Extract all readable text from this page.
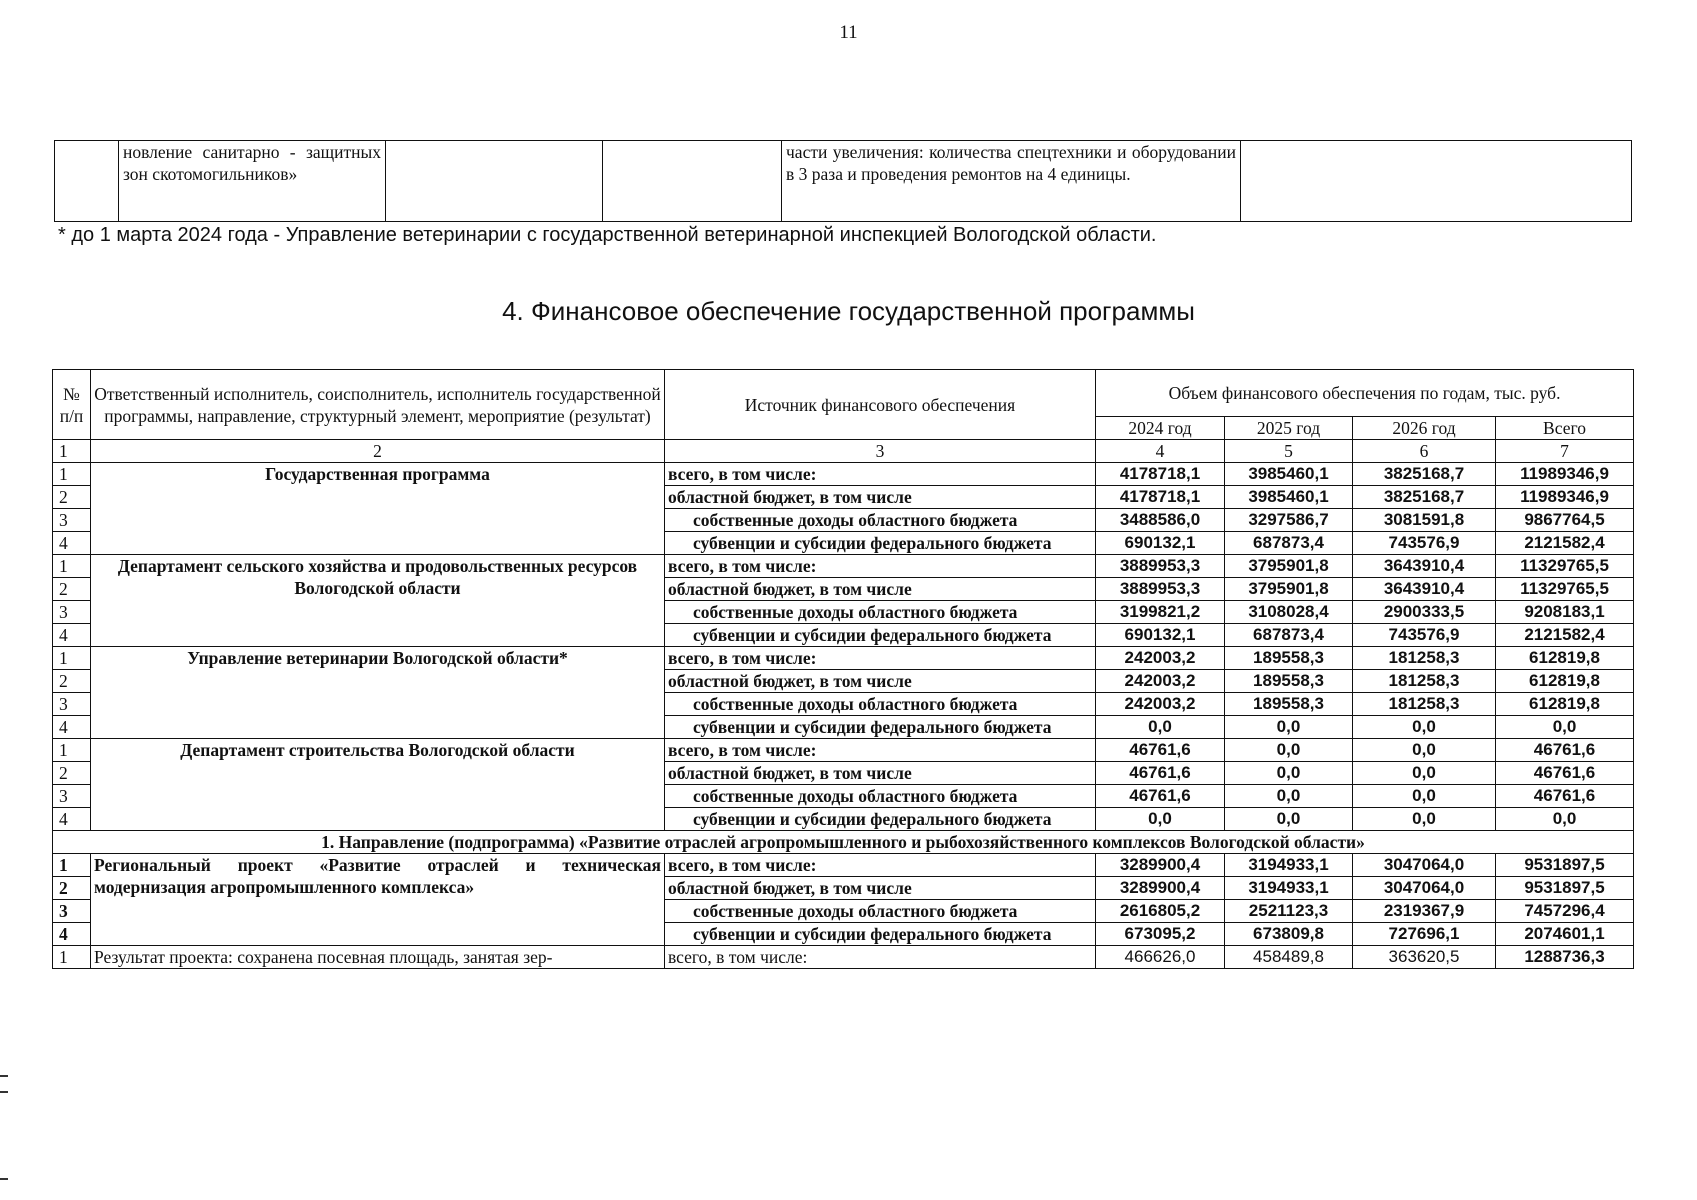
11
	новление санитарно - защитных зон скотомогильников»			части увеличения: количества спецтехники и оборудовании в 3 раза и проведения ремонтов на 4 единицы.	
* до 1 марта 2024 года - Управление ветеринарии с государственной ветеринарной инспекцией Вологодской области.
4. Финансовое обеспечение государственной программы
№ п/п	Ответственный исполнитель, соисполнитель, исполнитель государственной программы, направление, структурный элемент, мероприятие (результат)	Источник финансового обеспечения	Объем финансового обеспечения по годам, тыс. руб.			
			2024 год	2025 год	2026 год	Всего
1	2	3	4	5	6	7
1	Государственная программа	всего, в том числе:	4178718,1	3985460,1	3825168,7	11989346,9
2		областной бюджет, в том числе	4178718,1	3985460,1	3825168,7	11989346,9
3		собственные доходы областного бюджета	3488586,0	3297586,7	3081591,8	9867764,5
4		субвенции и субсидии федерального бюджета	690132,1	687873,4	743576,9	2121582,4
1	Департамент сельского хозяйства и продовольственных ресурсов Вологодской области	всего, в том числе:	3889953,3	3795901,8	3643910,4	11329765,5
2		областной бюджет, в том числе	3889953,3	3795901,8	3643910,4	11329765,5
3		собственные доходы областного бюджета	3199821,2	3108028,4	2900333,5	9208183,1
4		субвенции и субсидии федерального бюджета	690132,1	687873,4	743576,9	2121582,4
1	Управление ветеринарии Вологодской области*	всего, в том числе:	242003,2	189558,3	181258,3	612819,8
2		областной бюджет, в том числе	242003,2	189558,3	181258,3	612819,8
3		собственные доходы областного бюджета	242003,2	189558,3	181258,3	612819,8
4		субвенции и субсидии федерального бюджета	0,0	0,0	0,0	0,0
1	Департамент строительства Вологодской области	всего, в том числе:	46761,6	0,0	0,0	46761,6
2		областной бюджет, в том числе	46761,6	0,0	0,0	46761,6
3		собственные доходы областного бюджета	46761,6	0,0	0,0	46761,6
4		субвенции и субсидии федерального бюджета	0,0	0,0	0,0	0,0
1. Направление (подпрограмма) «Развитие отраслей агропромышленного и рыбохозяйственного комплексов Вологодской области»						
1	Региональный проект «Развитие отраслей и техническая модернизация агропромышленного комплекса»	всего, в том числе:	3289900,4	3194933,1	3047064,0	9531897,5
2		областной бюджет, в том числе	3289900,4	3194933,1	3047064,0	9531897,5
3		собственные доходы областного бюджета	2616805,2	2521123,3	2319367,9	7457296,4
4		субвенции и субсидии федерального бюджета	673095,2	673809,8	727696,1	2074601,1
1	Результат проекта: сохранена посевная площадь, занятая зер-	всего, в том числе:	466626,0	458489,8	363620,5	1288736,3
